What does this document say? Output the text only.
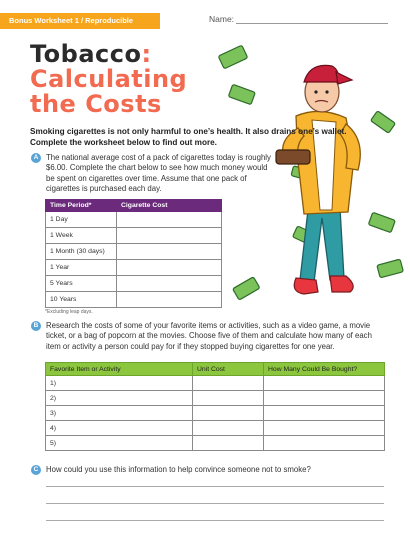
Bonus Worksheet 1 / Reproducible	Name:
Tobacco:
Calculating
the Costs
Smoking cigarettes is not only harmful to one’s health. It also drains one’s wallet. Complete the worksheet below to find out more.
A The national average cost of a pack of cigarettes today is roughly $6.00. Complete the chart below to see how much money would be spent on cigarettes over time. Assume that one pack of cigarettes is purchased each day.
Time Period*	Cigarette Cost
1 Day	
1 Week	
1 Month (30 days)	
1 Year	
5 Years	
10 Years	
*Excluding leap days.
B Research the costs of some of your favorite items or activities, such as a video game, a movie ticket, or a bag of popcorn at the movies. Choose five of them and calculate how many of each item or activity a person could pay for if they stopped buying cigarettes for one year.
Favorite Item or Activity	Unit Cost	How Many Could Be Bought?
1)		
2)		
3)		
4)		
5)		
C How could you use this information to help convince someone not to smoke?
